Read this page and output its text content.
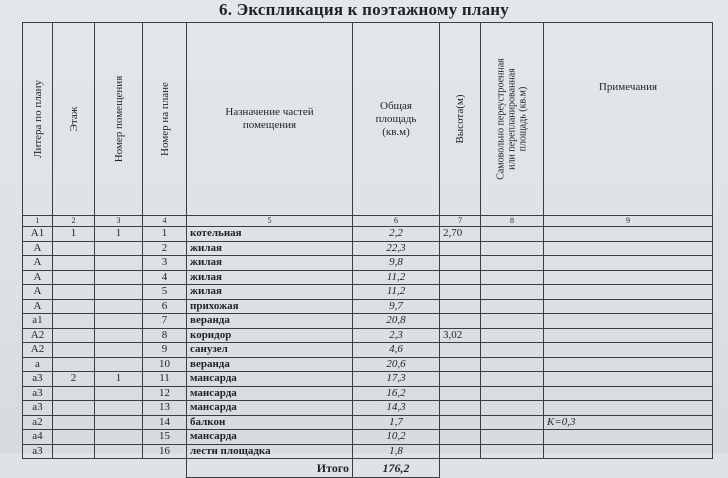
6. Экспликация к поэтажному плану
Литера по плану	Этаж	Номер помещения	Номер на плане	Назначение частей помещения	Общая площадь (кв.м)	Высота(м)	Самовольно переустроенная или перепланированная площадь (кв.м)	Примечания
1	2	3	4	5	6	7	8	9
А1	1	1	1	котельная	2,2	2,70		
А			2	жилая	22,3			
А			3	жилая	9,8			
А			4	жилая	11,2			
А			5	жилая	11,2			
А			6	прихожая	9,7			
а1			7	веранда	20,8			
А2			8	коридор	2,3	3,02		
А2			9	санузел	4,6			
а			10	веранда	20,6			
а3	2	1	11	мансарда	17,3			
а3			12	мансарда	16,2			
а3			13	мансарда	14,3			
а2			14	балкон	1,7			К=0,3
а4			15	мансарда	10,2			
а3			16	лестн площадка	1,8			
				Итого	176,2			
